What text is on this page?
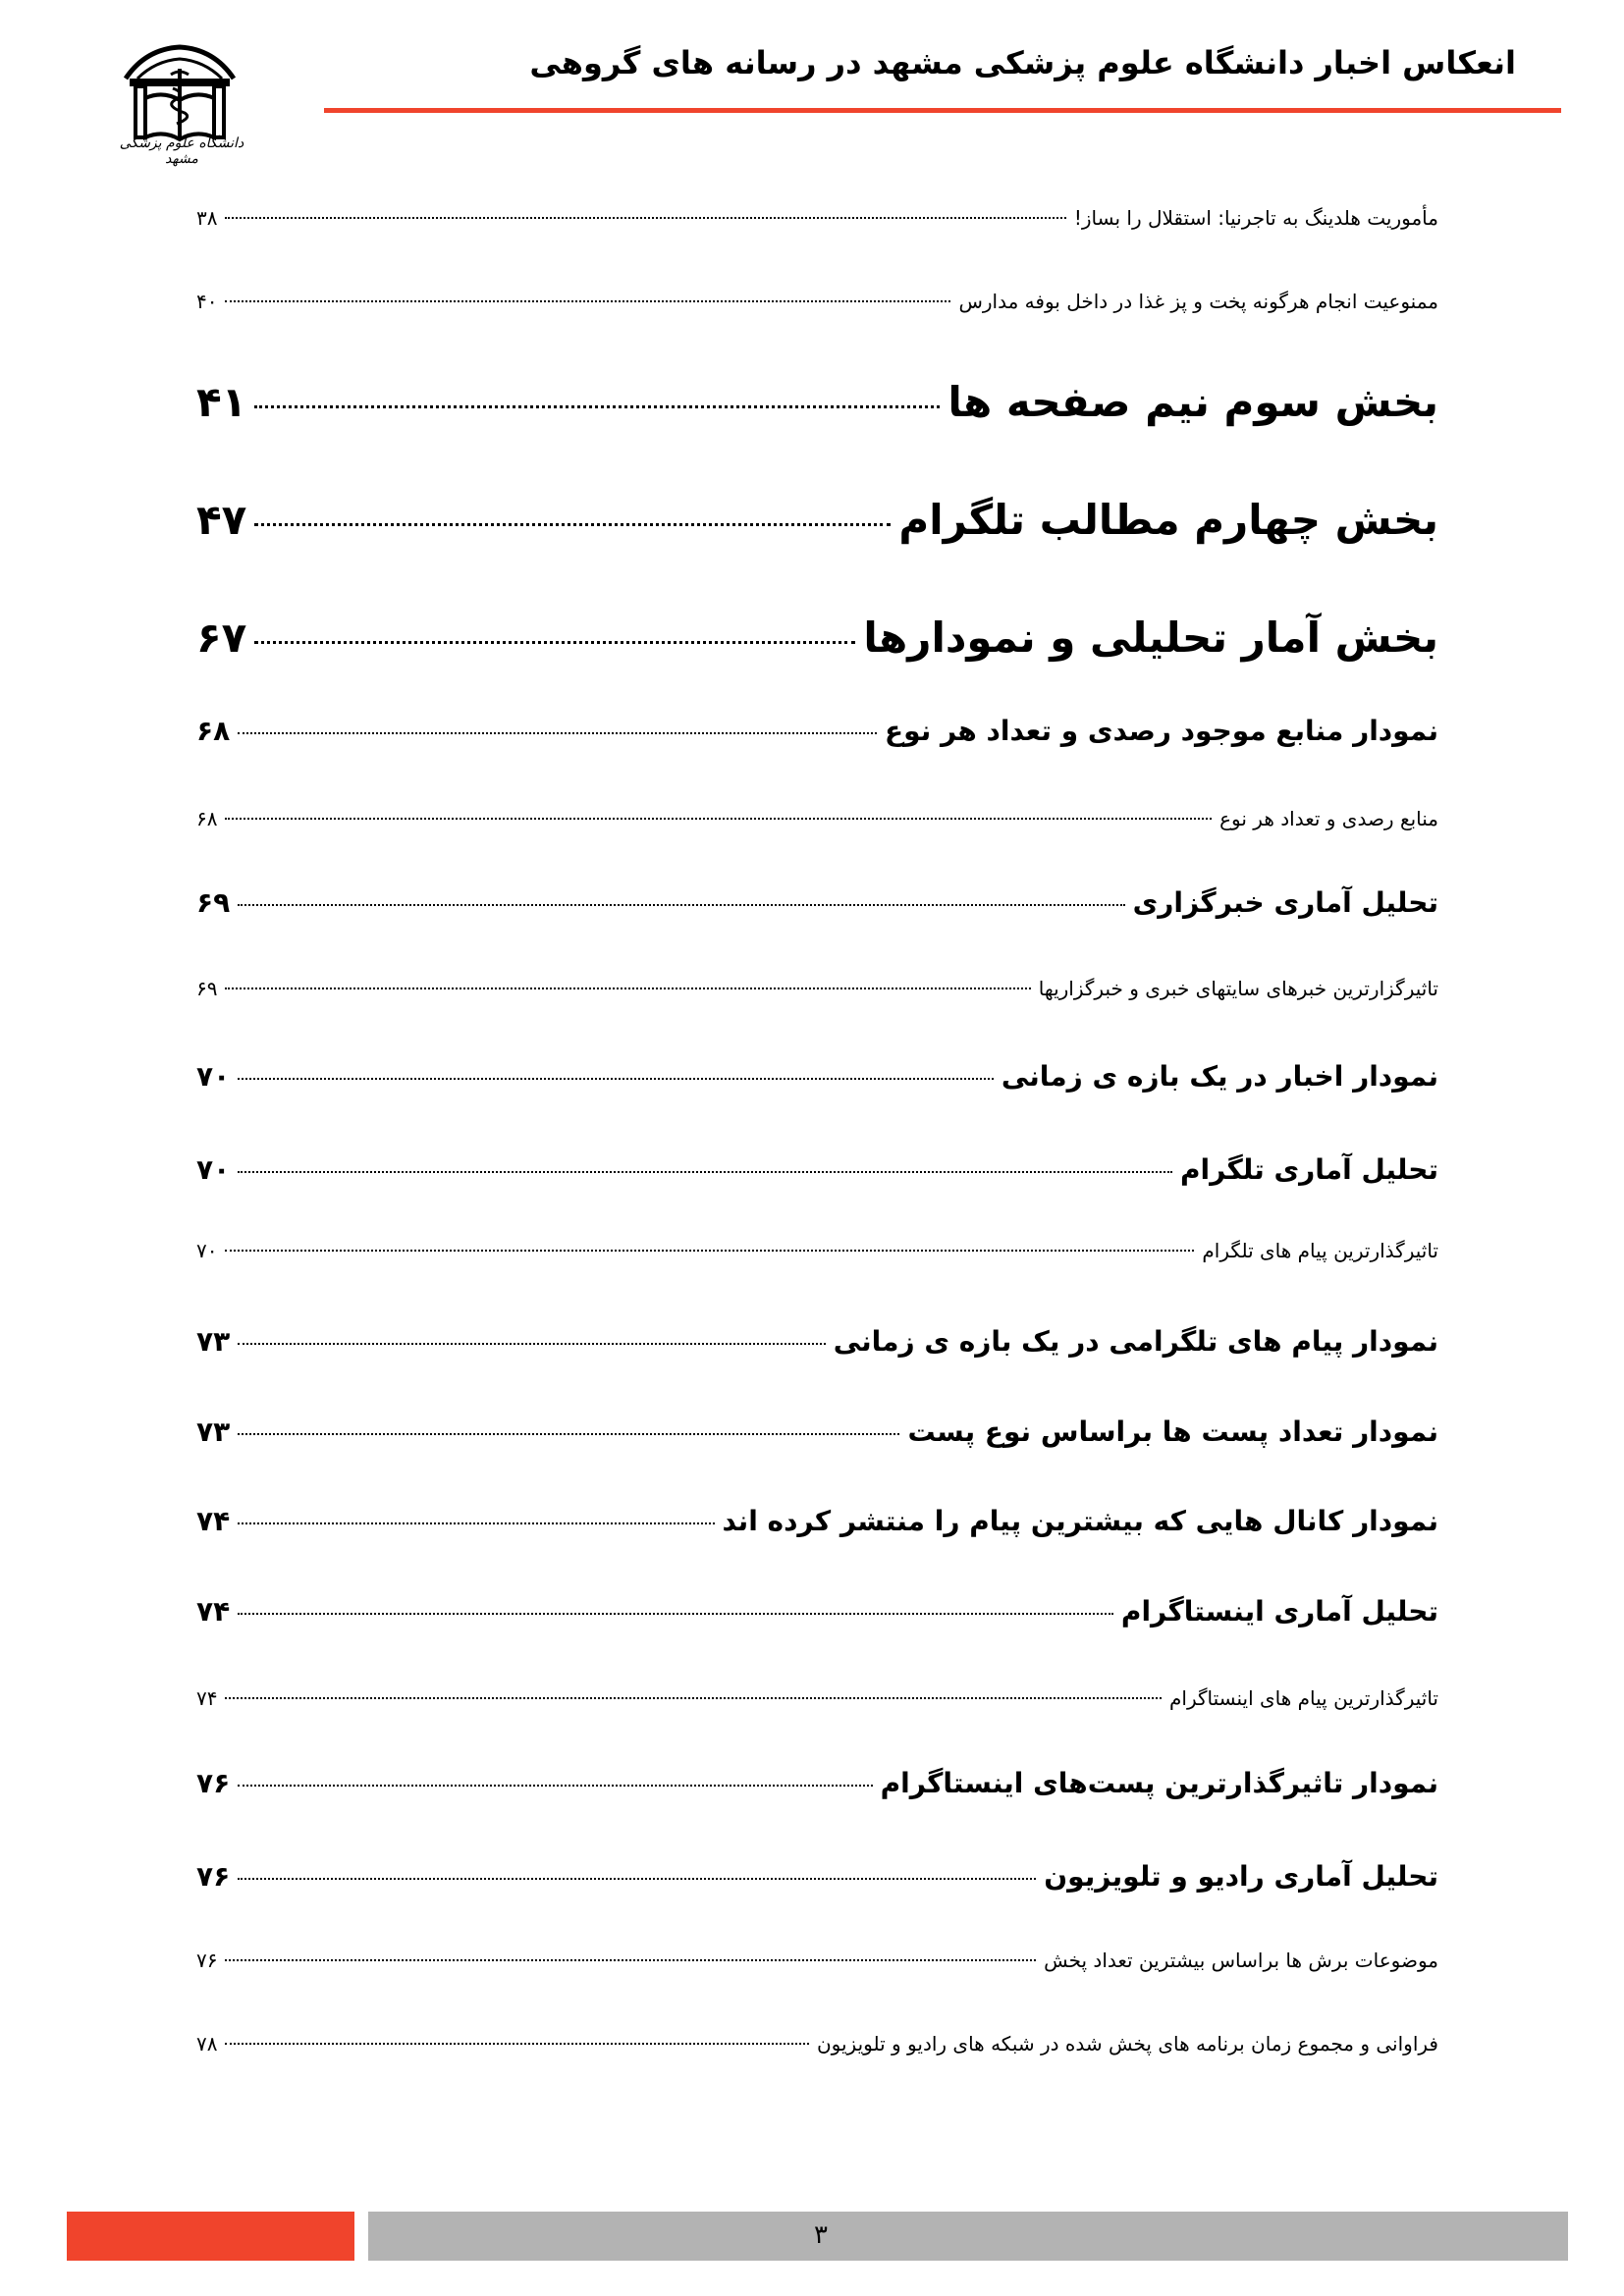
انعکاس اخبار دانشگاه علوم پزشکی مشهد در رسانه های گروهی
دانشگاه علوم پزشکی مشهد
مأموریت هلدینگ به تاجرنیا: استقلال را بساز!
۳۸
ممنوعیت انجام هرگونه پخت و پز غذا در داخل بوفه مدارس
۴۰
بخش سوم نیم صفحه ها
۴۱
بخش چهارم مطالب تلگرام
۴۷
بخش آمار تحلیلی و نمودارها
۶۷
نمودار منابع موجود رصدی و تعداد هر نوع
۶۸
منابع رصدی و تعداد هر نوع
۶۸
تحلیل آماری خبرگزاری
۶۹
تاثیرگزارترین خبرهای سایتهای خبری و خبرگزاریها
۶۹
نمودار اخبار در یک بازه ی زمانی
۷۰
تحلیل آماری تلگرام
۷۰
تاثیرگذارترین پیام های تلگرام
۷۰
نمودار پیام های تلگرامی در یک بازه ی زمانی
۷۳
نمودار تعداد پست ها براساس نوع پست
۷۳
نمودار کانال هایی که بیشترین پیام را منتشر کرده اند
۷۴
تحلیل آماری اینستاگرام
۷۴
تاثیرگذارترین پیام های اینستاگرام
۷۴
نمودار تاثیرگذارترین پست‌های اینستاگرام
۷۶
تحلیل آماری رادیو و تلویزیون
۷۶
موضوعات برش ها براساس بیشترین تعداد پخش
۷۶
فراوانی و مجموع زمان برنامه های پخش شده در شبکه های رادیو و تلویزیون
۷۸
۳
